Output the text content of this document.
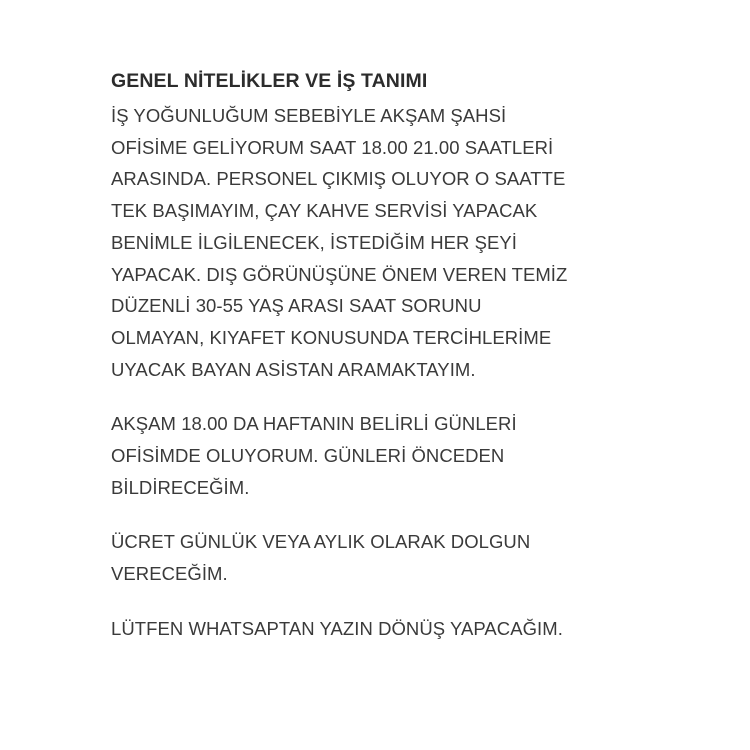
GENEL NİTELİKLER VE İŞ TANIMI
İŞ YOĞUNLUĞUM SEBEBİYLE AKŞAM ŞAHSİ
OFİSİME GELİYORUM SAAT 18.00 21.00 SAATLERİ
ARASINDA. PERSONEL ÇIKMIŞ OLUYOR O SAATTE
TEK BAŞIMAYIM, ÇAY KAHVE SERVİSİ YAPACAK
BENİMLE İLGİLENECEK, İSTEDİĞİM HER ŞEYİ
YAPACAK. DIŞ GÖRÜNÜŞÜNE ÖNEM VEREN TEMİZ
DÜZENLİ 30-55 YAŞ ARASI SAAT SORUNU
OLMAYAN, KIYAFET KONUSUNDA TERCİHLERİME
UYACAK BAYAN ASİSTAN ARAMAKTAYIM.
AKŞAM 18.00 DA HAFTANIN BELİRLİ GÜNLERİ
OFİSİMDE OLUYORUM. GÜNLERİ ÖNCEDEN
BİLDİRECEĞİM.
ÜCRET GÜNLÜK VEYA AYLIK OLARAK DOLGUN
VERECEĞİM.
LÜTFEN WHATSAPTAN YAZIN DÖNÜŞ YAPACAĞIM.
